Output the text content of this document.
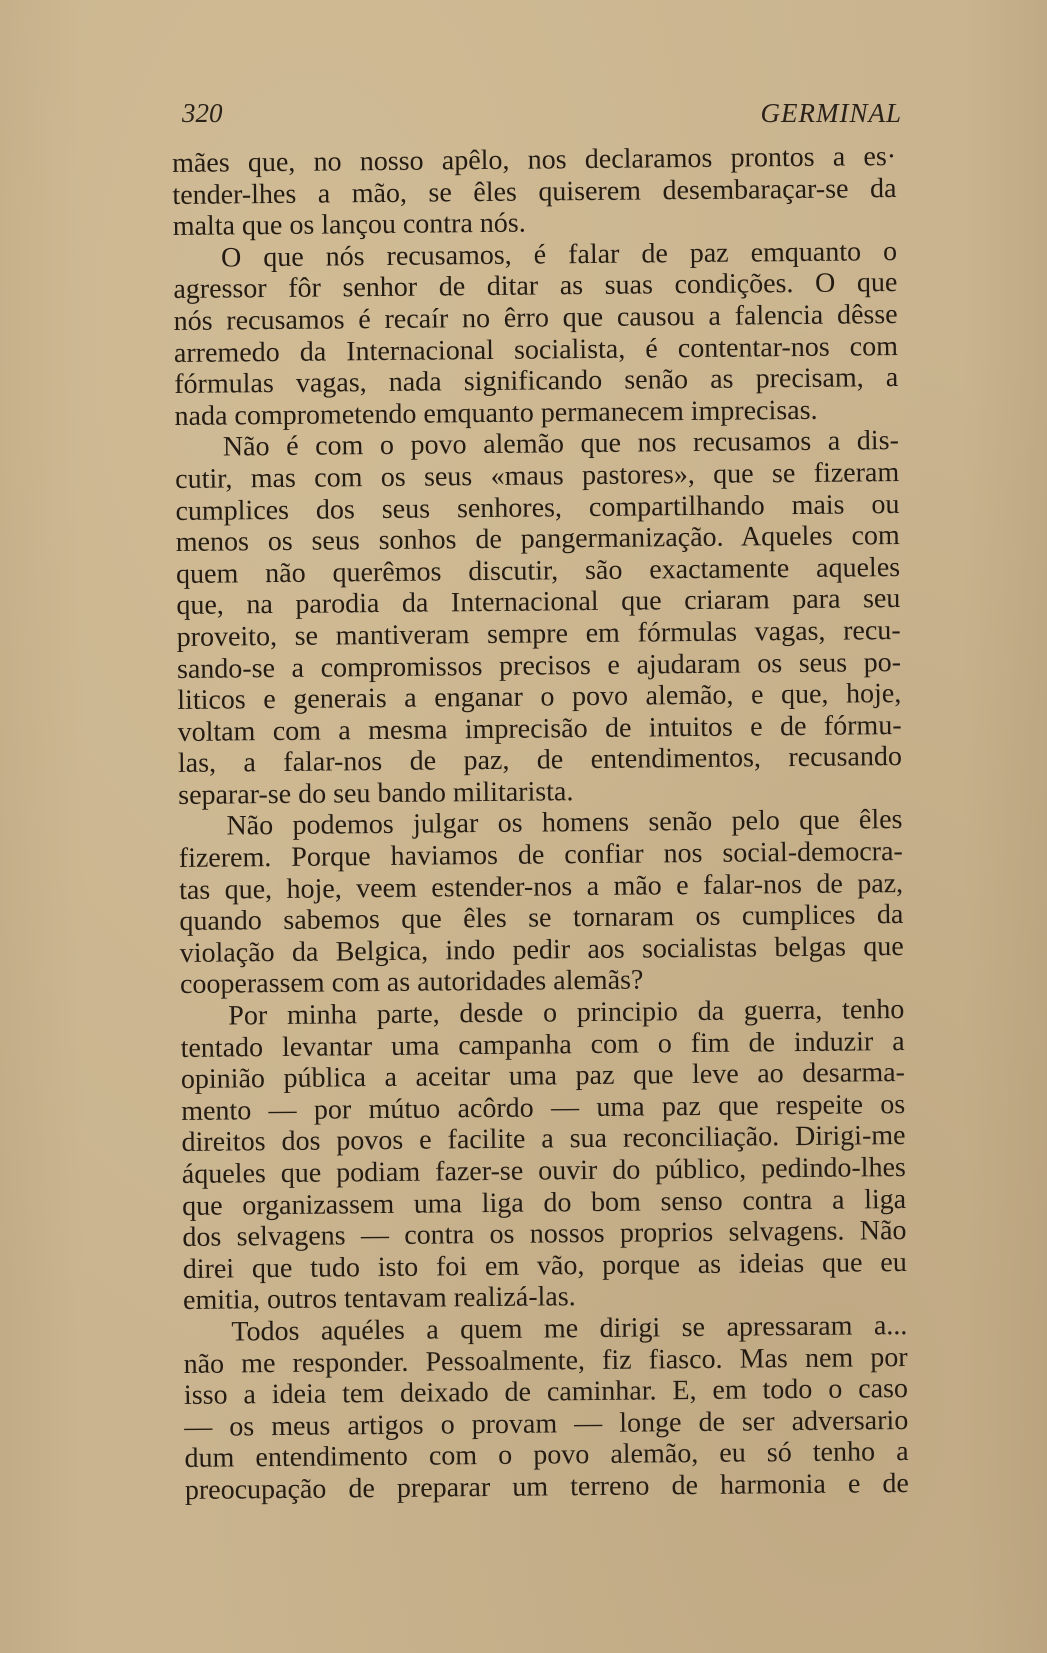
320	GERMINAL
mães que, no nosso apêlo, nos declaramos prontos a es·
tender-lhes a mão, se êles quiserem desembaraçar-se da
malta que os lançou contra nós.
O que nós recusamos, é falar de paz emquanto o
agressor fôr senhor de ditar as suas condições. O que
nós recusamos é recaír no êrro que causou a falencia dêsse
arremedo da Internacional socialista, é contentar-nos com
fórmulas vagas, nada significando senão as precisam, a
nada comprometendo emquanto permanecem imprecisas.
Não é com o povo alemão que nos recusamos a dis-
cutir, mas com os seus «maus pastores», que se fizeram
cumplices dos seus senhores, compartilhando mais ou
menos os seus sonhos de pangermanização. Aqueles com
quem não querêmos discutir, são exactamente aqueles
que, na parodia da Internacional que criaram para seu
proveito, se mantiveram sempre em fórmulas vagas, recu-
sando-se a compromissos precisos e ajudaram os seus po-
liticos e generais a enganar o povo alemão, e que, hoje,
voltam com a mesma imprecisão de intuitos e de fórmu-
las, a falar-nos de paz, de entendimentos, recusando
separar-se do seu bando militarista.
Não podemos julgar os homens senão pelo que êles
fizerem. Porque haviamos de confiar nos social-democra-
tas que, hoje, veem estender-nos a mão e falar-nos de paz,
quando sabemos que êles se tornaram os cumplices da
violação da Belgica, indo pedir aos socialistas belgas que
cooperassem com as autoridades alemãs?
Por minha parte, desde o principio da guerra, tenho
tentado levantar uma campanha com o fim de induzir a
opinião pública a aceitar uma paz que leve ao desarma-
mento — por mútuo acôrdo — uma paz que respeite os
direitos dos povos e facilite a sua reconciliação. Dirigi-me
áqueles que podiam fazer-se ouvir do público, pedindo-lhes
que organizassem uma liga do bom senso contra a liga
dos selvagens — contra os nossos proprios selvagens. Não
direi que tudo isto foi em vão, porque as ideias que eu
emitia, outros tentavam realizá-las.
Todos aquéles a quem me dirigi se apressaram a...
não me responder. Pessoalmente, fiz fiasco. Mas nem por
isso a ideia tem deixado de caminhar. E, em todo o caso
— os meus artigos o provam — longe de ser adversario
dum entendimento com o povo alemão, eu só tenho a
preocupação de preparar um terreno de harmonia e de
